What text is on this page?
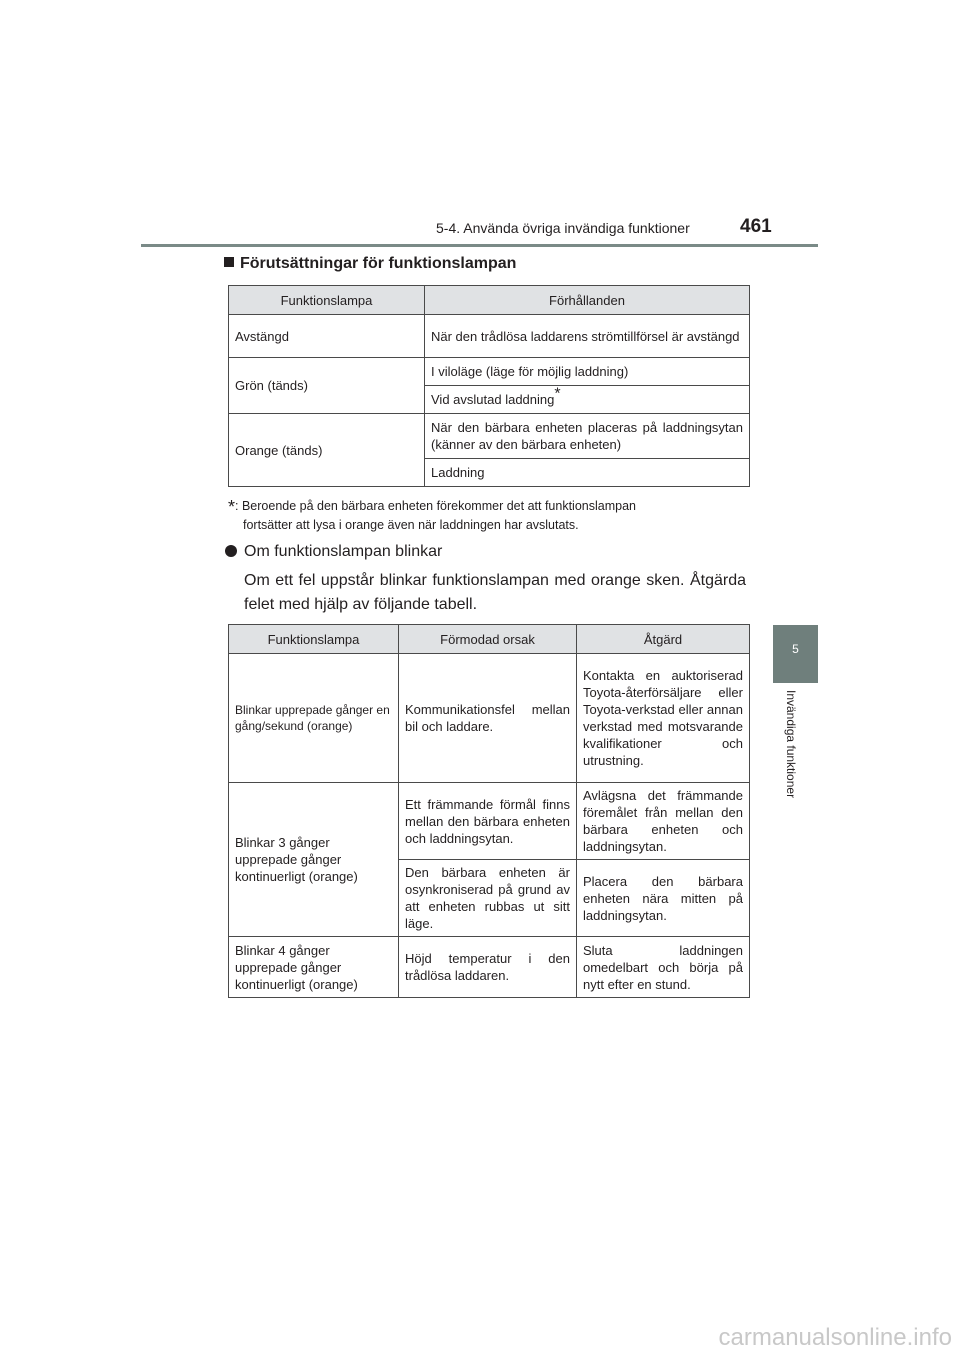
5-4. Använda övriga invändiga funktioner	461
5
Invändiga funktioner
Förutsättningar för funktionslampan
Funktionslampa	Förhållanden
Avstängd	När den trådlösa laddarens strömtillförsel är avstängd
Grön (tänds)	I viloläge (läge för möjlig laddning)
	Vid avslutad laddning*
Orange (tänds)	När den bärbara enheten placeras på laddningsytan (känner av den bärbara enheten)
	Laddning
*: Beroende på den bärbara enheten förekommer det att funktionslampan
fortsätter att lysa i orange även när laddningen har avslutats.
Om funktionslampan blinkar
Om ett fel uppstår blinkar funktionslampan med orange sken. Åtgärda felet med hjälp av följande tabell.
Funktionslampa	Förmodad orsak	Åtgärd
Blinkar upprepade gånger en gång/sekund (orange)	Kommunikationsfel mellan bil och laddare.	Kontakta en auktoriserad Toyota-återförsäljare eller Toyota-verkstad eller annan verkstad med motsvarande kvalifikationer och utrustning.
Blinkar 3 gånger upprepade gånger kontinuerligt (orange)	Ett främmande förmål finns mellan den bärbara enheten och laddningsytan.	Avlägsna det främmande föremålet från mellan den bärbara enheten och laddningsytan.
	Den bärbara enheten är osynkroniserad på grund av att enheten rubbas ut sitt läge.	Placera den bärbara enheten nära mitten på laddningsytan.
Blinkar 4 gånger upprepade gånger kontinuerligt (orange)	Höjd temperatur i den trådlösa laddaren.	Sluta laddningen omedelbart och börja på nytt efter en stund.
carmanualsonline.info
